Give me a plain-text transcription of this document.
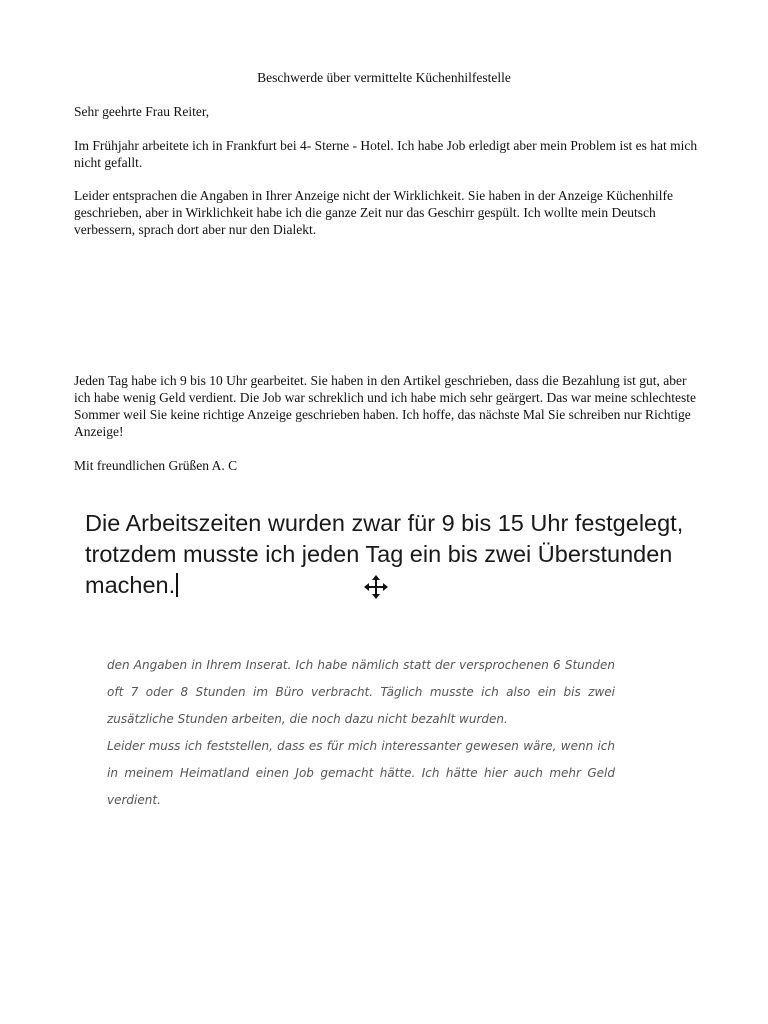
Beschwerde über vermittelte Küchenhilfestelle

Sehr geehrte Frau Reiter,

Im Frühjahr arbeitete ich in Frankfurt bei 4- Sterne - Hotel. Ich habe Job erledigt aber mein Problem ist es hat mich nicht gefallt.

Leider entsprachen die Angaben in Ihrer Anzeige nicht der Wirklichkeit. Sie haben in der Anzeige Küchenhilfe geschrieben, aber in Wirklichkeit habe ich die ganze Zeit nur das Geschirr gespült. Ich wollte mein Deutsch verbessern, sprach dort aber nur den Dialekt.

Jeden Tag habe ich 9 bis 10 Uhr gearbeitet. Sie haben in den Artikel geschrieben, dass die Bezahlung ist gut, aber ich habe wenig Geld verdient. Die Job war schreklich und ich habe mich sehr geärgert. Das war meine schlechteste Sommer weil Sie keine richtige Anzeige geschrieben haben. Ich hoffe, das nächste Mal Sie schreiben nur Richtige Anzeige!

Mit freundlichen Grüßen A. C

Die Arbeitszeiten wurden zwar für 9 bis 15 Uhr festgelegt, trotzdem musste ich jeden Tag ein bis zwei Überstunden machen.

den Angaben in Ihrem Inserat. Ich habe nämlich statt der versprochenen 6 Stunden oft 7 oder 8 Stunden im Büro verbracht. Täglich musste ich also ein bis zwei zusätzliche Stunden arbeiten, die noch dazu nicht bezahlt wurden.

Leider muss ich feststellen, dass es für mich interessanter gewesen wäre, wenn ich in meinem Heimatland einen Job gemacht hätte. Ich hätte hier auch mehr Geld verdient.
